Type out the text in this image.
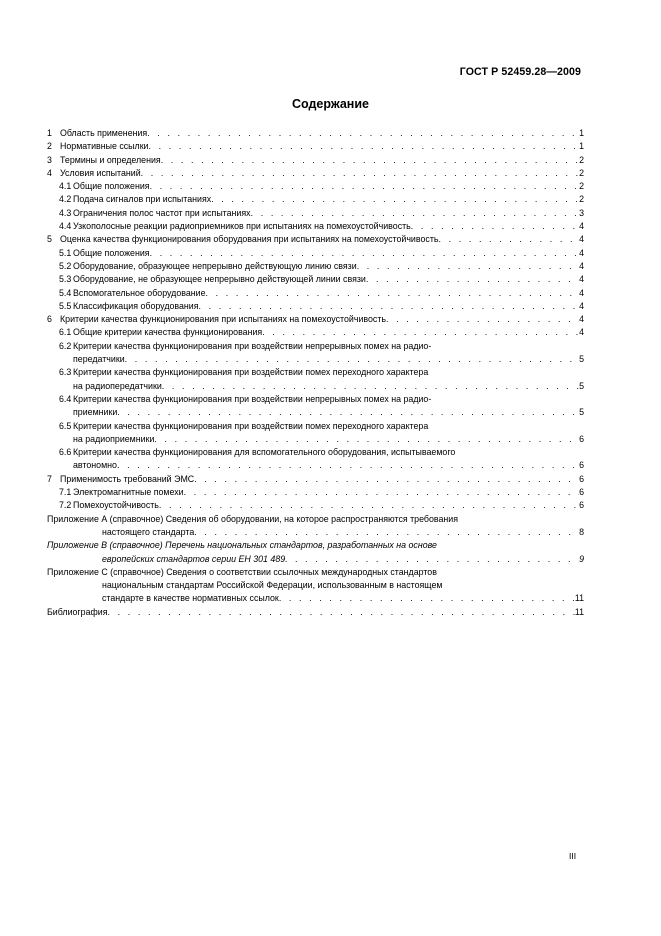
ГОСТ Р 52459.28—2009
Содержание
1 Область применения . . .	1
2 Нормативные ссылки . . .	1
3 Термины и определения . . .	2
4 Условия испытаний . . .	2
4.1 Общие положения . . .	2
4.2 Подача сигналов при испытаниях . . .	2
4.3 Ограничения полос частот при испытаниях . . .	3
4.4 Узкополосные реакции радиоприемников при испытаниях на помехоустойчивость . . .	4
5 Оценка качества функционирования оборудования при испытаниях на помехоустойчивость . . .	4
5.1 Общие положения . . .	4
5.2 Оборудование, образующее непрерывно действующую линию связи . . .	4
5.3 Оборудование, не образующее непрерывно действующей линии связи . . .	4
5.4 Вспомогательное оборудование . . .	4
5.5 Классификация оборудования . . .	4
6 Критерии качества функционирования при испытаниях на помехоустойчивость . . .	4
6.1 Общие критерии качества функционирования . . .	4
6.2 Критерии качества функционирования при воздействии непрерывных помех на радио-
передатчики . . .	5
6.3 Критерии качества функционирования при воздействии помех переходного характера
на радиопередатчики . . .	5
6.4 Критерии качества функционирования при воздействии непрерывных помех на радио-
приемники . . .	5
6.5 Критерии качества функционирования при воздействии помех переходного характера
на радиоприемники . . .	6
6.6 Критерии качества функционирования для вспомогательного оборудования, испытываемого
автономно . . .	6
7 Применимость требований ЭМС . . .	6
7.1 Электромагнитные помехи . . .	6
7.2 Помехоустойчивость . . .	6
Приложение А (справочное) Сведения об оборудовании, на которое распространяются требования
настоящего стандарта . . .	8
Приложение В (справочное) Перечень национальных стандартов, разработанных на основе
европейских стандартов серии ЕН 301 489 . . .	9
Приложение С (справочное) Сведения о соответствии ссылочных международных стандартов
национальным стандартам Российской Федерации, использованным в настоящем
стандарте в качестве нормативных ссылок . . .	11
Библиография . . .	11
III
